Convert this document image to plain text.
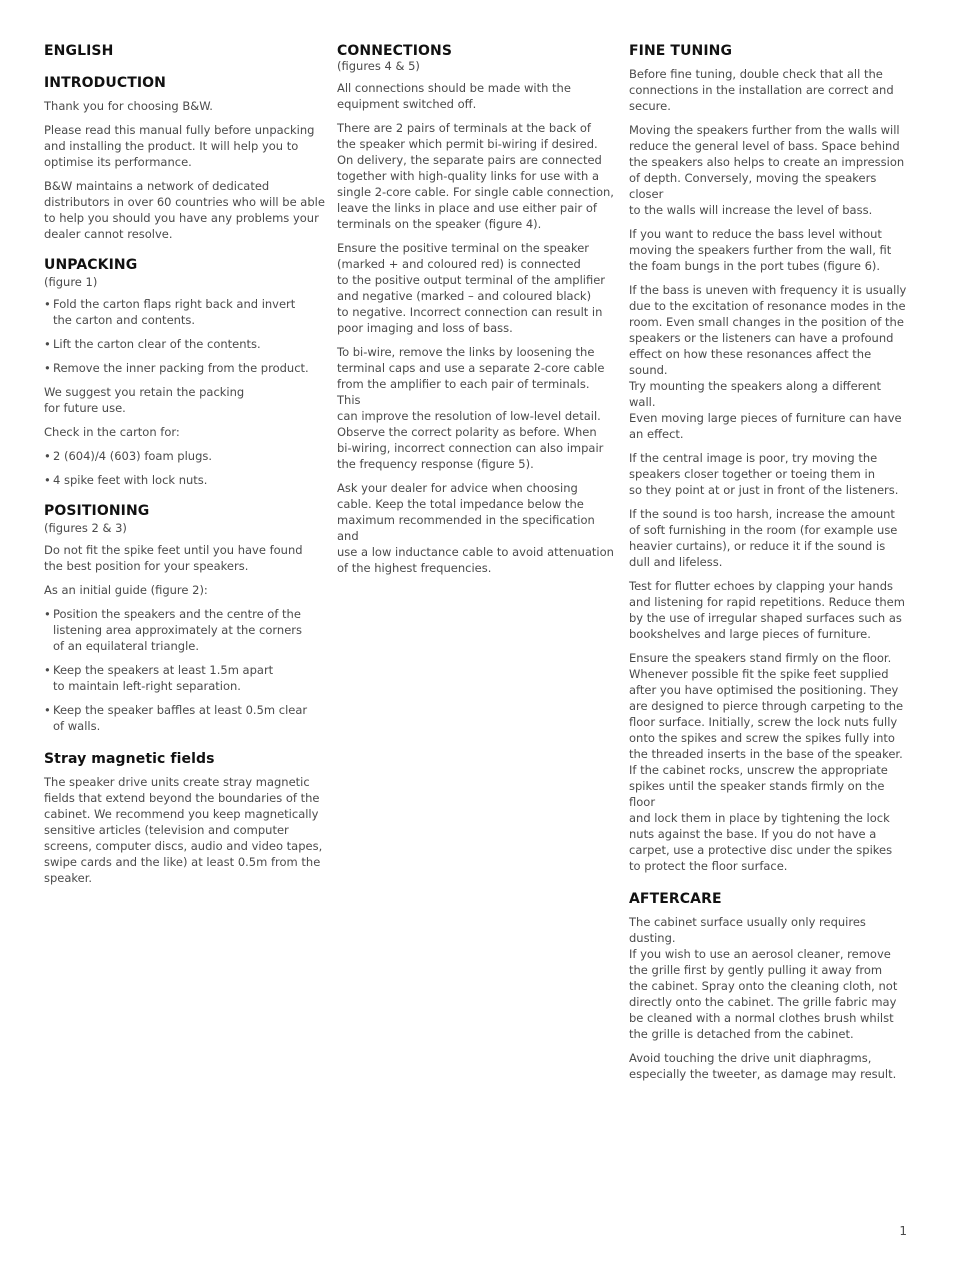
ENGLISH
INTRODUCTION

Thank you for choosing B&W.

Please read this manual fully before unpacking
and installing the product. It will help you to
optimise its performance.

B&W maintains a network of dedicated
distributors in over 60 countries who will be able
to help you should you have any problems your
dealer cannot resolve.

UNPACKING
(figure 1)

• Fold the carton flaps right back and invert
the carton and contents.

• Lift the carton clear of the contents.

• Remove the inner packing from the product.

We suggest you retain the packing
for future use.

Check in the carton for:

• 2 (604)/4 (603) foam plugs.

• 4 spike feet with lock nuts.

POSITIONING
(figures 2 & 3)

Do not fit the spike feet until you have found
the best position for your speakers.

As an initial guide (figure 2):

• Position the speakers and the centre of the
listening area approximately at the corners
of an equilateral triangle.

• Keep the speakers at least 1.5m apart
to maintain left-right separation.

• Keep the speaker baffles at least 0.5m clear
of walls.

Stray magnetic fields

The speaker drive units create stray magnetic
fields that extend beyond the boundaries of the
cabinet. We recommend you keep magnetically
sensitive articles (television and computer
screens, computer discs, audio and video tapes,
swipe cards and the like) at least 0.5m from the
speaker.

CONNECTIONS
(figures 4 & 5)

All connections should be made with the
equipment switched off.

There are 2 pairs of terminals at the back of
the speaker which permit bi-wiring if desired.
On delivery, the separate pairs are connected
together with high-quality links for use with a
single 2-core cable. For single cable connection,
leave the links in place and use either pair of
terminals on the speaker (figure 4).

Ensure the positive terminal on the speaker
(marked + and coloured red) is connected
to the positive output terminal of the amplifier
and negative (marked – and coloured black)
to negative. Incorrect connection can result in
poor imaging and loss of bass.

To bi-wire, remove the links by loosening the
terminal caps and use a separate 2-core cable
from the amplifier to each pair of terminals. This
can improve the resolution of low-level detail.
Observe the correct polarity as before. When
bi-wiring, incorrect connection can also impair
the frequency response (figure 5).

Ask your dealer for advice when choosing
cable. Keep the total impedance below the
maximum recommended in the specification and
use a low inductance cable to avoid attenuation
of the highest frequencies.

FINE TUNING

Before fine tuning, double check that all the
connections in the installation are correct and
secure.

Moving the speakers further from the walls will
reduce the general level of bass. Space behind
the speakers also helps to create an impression
of depth. Conversely, moving the speakers closer
to the walls will increase the level of bass.

If you want to reduce the bass level without
moving the speakers further from the wall, fit
the foam bungs in the port tubes (figure 6).

If the bass is uneven with frequency it is usually
due to the excitation of resonance modes in the
room. Even small changes in the position of the
speakers or the listeners can have a profound
effect on how these resonances affect the sound.
Try mounting the speakers along a different wall.
Even moving large pieces of furniture can have
an effect.

If the central image is poor, try moving the
speakers closer together or toeing them in
so they point at or just in front of the listeners.

If the sound is too harsh, increase the amount
of soft furnishing in the room (for example use
heavier curtains), or reduce it if the sound is
dull and lifeless.

Test for flutter echoes by clapping your hands
and listening for rapid repetitions. Reduce them
by the use of irregular shaped surfaces such as
bookshelves and large pieces of furniture.

Ensure the speakers stand firmly on the floor.
Whenever possible fit the spike feet supplied
after you have optimised the positioning. They
are designed to pierce through carpeting to the
floor surface. Initially, screw the lock nuts fully
onto the spikes and screw the spikes fully into
the threaded inserts in the base of the speaker.
If the cabinet rocks, unscrew the appropriate
spikes until the speaker stands firmly on the floor
and lock them in place by tightening the lock
nuts against the base. If you do not have a
carpet, use a protective disc under the spikes
to protect the floor surface.

AFTERCARE

The cabinet surface usually only requires dusting.
If you wish to use an aerosol cleaner, remove
the grille first by gently pulling it away from
the cabinet. Spray onto the cleaning cloth, not
directly onto the cabinet. The grille fabric may
be cleaned with a normal clothes brush whilst
the grille is detached from the cabinet.

Avoid touching the drive unit diaphragms,
especially the tweeter, as damage may result.

1
